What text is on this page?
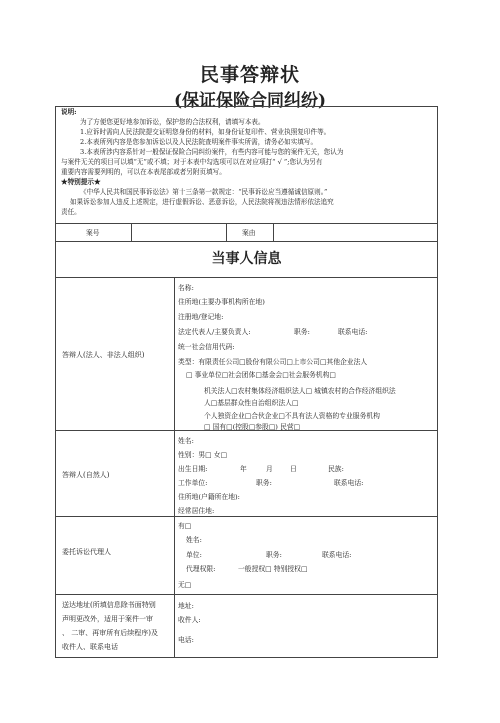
民事答辩状
(保证保险合同纠纷)
说明:
为了方便您更好地参加诉讼，保护您的合法权利，请填写本表。
1.应诉时需向人民法院提交证明您身份的材料，如身份证复印件、营业执照复印件等。
2.本表所列内容是您参加诉讼以及人民法院查明案件事实所需，请务必如实填写。
3.本表所涉内容系针对一般保证保险合同纠纷案件，有些内容可能与您的案件无关，您认为
与案件无关的项目可以填“无”或不填；对于本表中勾选项可以在对应项打“ √ ”;您认为另有
重要内容需要列明的，可以在本表尾部或者另附页填写。
★特别提示★
《中华人民共和国民事诉讼法》第十三条第一款规定：“民事诉讼应当遵循诚信原则。”
如果诉讼参加人违反上述规定，进行虚假诉讼、恶意诉讼，人民法院将视违法情形依法追究
责任。
案号	案由
当事人信息
答辩人(法人、非法人组织)
名称:
住所地(主要办事机构所在地)
注册地/登记地:
法定代表人/主要负责人:	职务:	联系电话:
统一社会信用代码:
类型：有限责任公司□股份有限公司□上市公司□其他企业法人
□ 事业单位□社会团体□基金会□社会服务机构□
机关法人□农村集体经济组织法人□ 城镇农村的合作经济组织法
人□基层群众性自治组织法人□
个人独资企业□合伙企业□不具有法人资格的专业服务机构
□ 国有□(控股□参股□) 民营□
答辩人(自然人)
姓名:
性别：男□ 女□
出生日期:	年	月	日	民族:
工作单位:	职务:	联系电话:
住所地(户籍所在地):
经常居住地:
委托诉讼代理人
有□
姓名:
单位:	职务:	联系电话:
代理权限:	一般授权□ 特别授权□
无□
送达地址(所填信息除书面特别
声明更改外，适用于案件一审
、 二审、再审所有后续程序)及
收件人、联系电话
地址:
收件人:
电话:
